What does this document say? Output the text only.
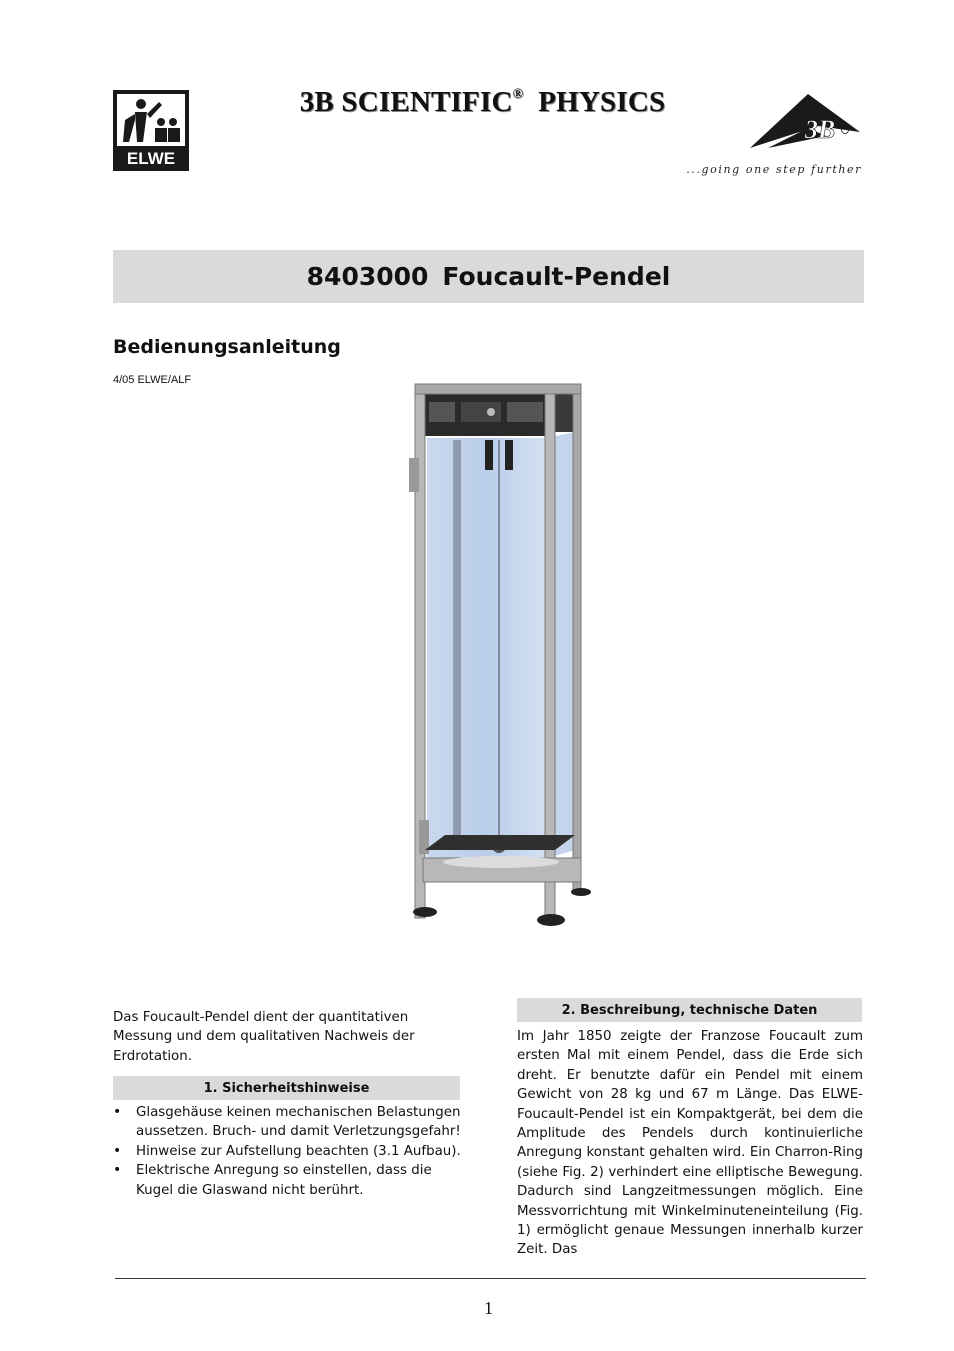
ELWE
3B SCIENTIFIC® PHYSICS
3B
...going one step further
8403000 Foucault-Pendel
Bedienungsanleitung
4/05 ELWE/ALF
Das Foucault-Pendel dient der quantitativen Messung und dem qualitativen Nachweis der Erdrotation.
1. Sicherheitshinweise
• Glasgehäuse keinen mechanischen Belastungen aussetzen. Bruch- und damit Verletzungsgefahr!
• Hinweise zur Aufstellung beachten (3.1 Aufbau).
• Elektrische Anregung so einstellen, dass die Kugel die Glaswand nicht berührt.
2. Beschreibung, technische Daten
Im Jahr 1850 zeigte der Franzose Foucault zum ersten Mal mit einem Pendel, dass die Erde sich dreht. Er benutzte dafür ein Pendel mit einem Gewicht von 28 kg und 67 m Länge. Das ELWE- Foucault-Pendel ist ein Kompaktgerät, bei dem die Amplitude des Pendels durch kontinuierliche Anregung konstant gehalten wird. Ein Charron-Ring (siehe Fig. 2) verhindert eine elliptische Bewegung. Dadurch sind Langzeitmessungen möglich. Eine Messvorrichtung mit Winkelminuteneinteilung (Fig. 1) ermöglicht genaue Messungen innerhalb kurzer Zeit. Das
1
